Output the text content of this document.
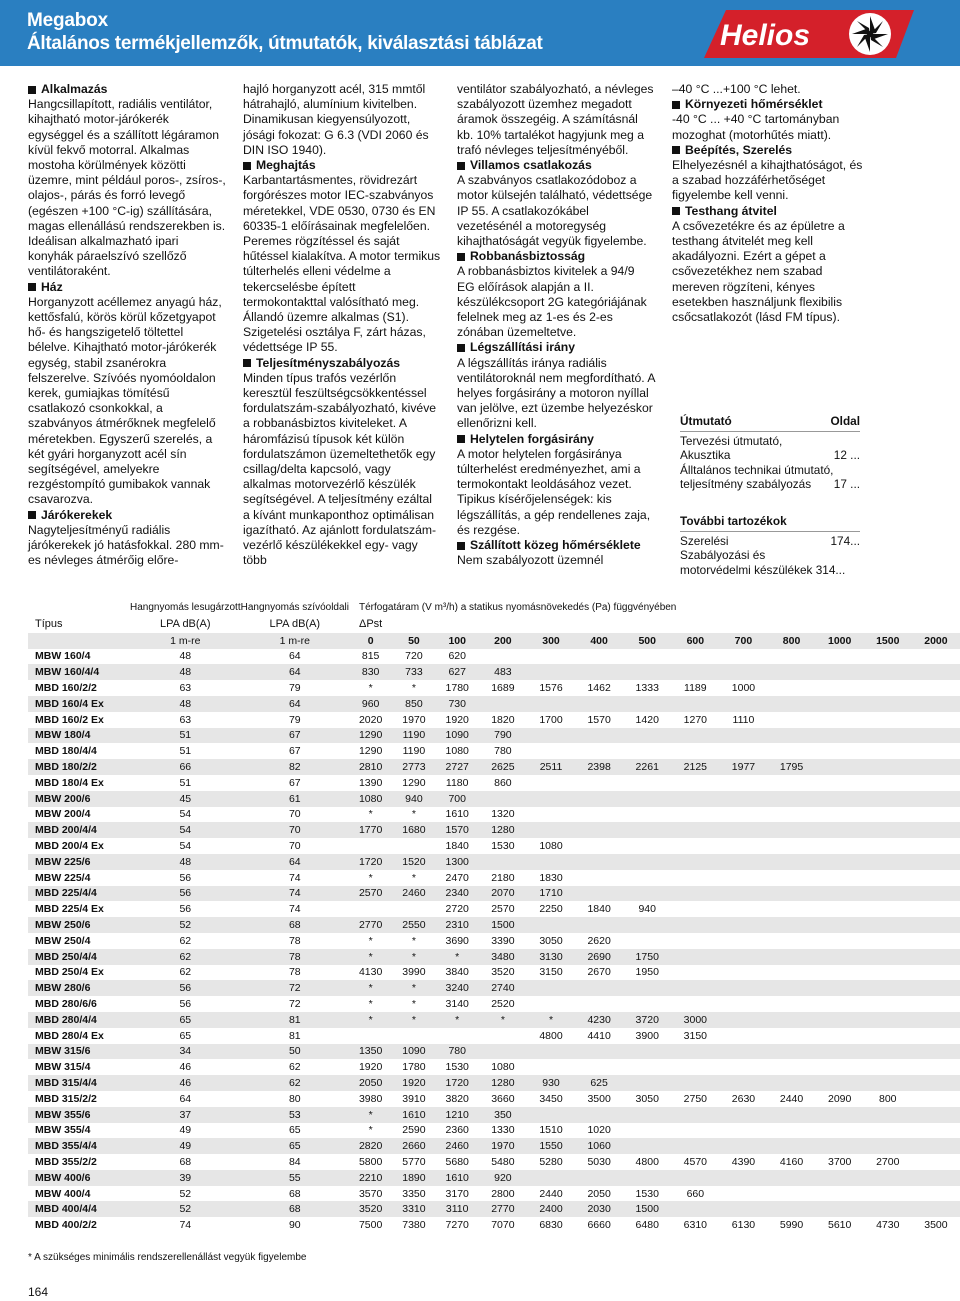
Megabox
Általános termékjellemzők, útmutatók, kiválasztási táblázat	Helios
Alkalmazás

Hangcsillapított, radiális ventilátor, kihajtható motor-járókerék egységgel és a szállított légáramon kívül fekvő motorral. Alkalmas mostoha körülmények közötti üzemre, mint például poros-, zsíros-, olajos-, párás és forró levegő (egészen +100 °C-ig) szállítására, magas ellenállású rendszerekben is. Ideálisan alkalmazható ipari konyhák páraelszívó szellőző ventilátoraként.

Ház

Horganyzott acéllemez anyagú ház, kettősfalú, körös körül kőzetgyapot hő- és hangszigetelő töltettel bélelve. Kihajtható motor-járókerék egység, stabil zsanérokra felszerelve. Szívóés nyomóoldalon kerek, gumiajkas tömítésű csatlakozó csonkokkal, a szabványos átmérőknek megfelelő méretekben. Egyszerű szerelés, a két gyári horganyzott acél sín segítségével, amelyekre rezgéstompító gumibakok vannak csavarozva.

Járókerekek

Nagyteljesítményű radiális járókerekek jó hatásfokkal. 280 mm-es névleges átmérőig előre-

hajló horganyzott acél, 315 mmtől hátrahajló, alumínium kivitelben. Dinamikusan kiegyensúlyozott, jósági fokozat: G 6.3 (VDI 2060 és DIN ISO 1940).

Meghajtás

Karbantartásmentes, rövidrezárt forgórészes motor IEC-szabványos méretekkel, VDE 0530, 0730 és EN 60335-1 előírásainak megfelelően. Peremes rögzítéssel és saját hűtéssel kialakítva. A motor termikus túlterhelés elleni védelme a tekercselésbe épített termokontakttal valósítható meg. Állandó üzemre alkalmas (S1). Szigetelési osztálya F, zárt házas, védettsége IP 55.

Teljesítményszabályozás

Minden típus trafós vezérlőn keresztül feszültségcsökkentéssel fordulatszám-szabályozható, kivéve a robbanásbiztos kiviteleket. A háromfázisú típusok két külön fordulatszámon üzemeltethetők egy csillag/delta kapcsoló, vagy alkalmas motorvezérlő készülék segítségével. A teljesítmény ezáltal a kívánt munkaponthoz optimálisan igazítható. Az ajánlott fordulatszám-vezérlő készülékekkel egy- vagy több

ventilátor szabályozható, a névleges szabályozott üzemhez megadott áramok összegéig. A számításnál kb. 10% tartalékot hagyjunk meg a trafó névleges teljesítményéből.

Villamos csatlakozás

A szabványos csatlakozódoboz a motor külsején található, védettsége IP 55. A csatlakozókábel vezetésénél a motoregység kihajthatóságát vegyük figyelembe.

Robbanásbiztosság

A robbanásbiztos kivitelek a 94/9 EG előírások alapján a II. készülékcsoport 2G kategóriájának felelnek meg az 1-es és 2-es zónában üzemeltetve.

Légszállítási irány

A légszállítás iránya radiális ventilátoroknál nem megfordítható. A helyes forgásirány a motoron nyíllal van jelölve, ezt üzembe helyezéskor ellenőrizni kell.

Helytelen forgásirány

A motor helytelen forgásiránya túlterhelést eredményezhet, ami a termokontakt leoldásához vezet. Tipikus kísérőjelenségek: kis légszállítás, a gép rendellenes zaja, és rezgése.

Szállított közeg hőmérséklete

Nem szabályozott üzemnél

–40 °C ...+100 °C lehet.

Környezeti hőmérséklet

-40 °C ... +40 °C tartományban mozoghat (motorhűtés miatt).

Beépítés, Szerelés

Elhelyezésnél a kihajthatóságot, és a szabad hozzáférhetőséget figyelembe kell venni.

Testhang átvitel

A csővezetékre és az épületre a testhang átvitelét meg kell akadályozni. Ezért a gépet a csővezetékhez nem szabad mereven rögzíteni, kényes esetekben használjunk flexibilis csőcsatlakozót (lásd FM típus).

Útmutató	Oldal
Tervezési útmutató,
Akusztika	12 ...
Álltalános technikai útmutató,
teljesítmény szabályozás 17 ...
További tartozékok
Szerelési	174...
Szabályozási és
motorvédelmi készülékek 314...
	Hangnyomás lesugárzott	Hangnyomás szívóoldali	Térfogatáram (V m³/h) a statikus nyomásnövekedés (Pa) függvényében												
Típus	LPA dB(A)	LPA dB(A)	ΔPst												
	1 m-re	1 m-re	0	50	100	200	300	400	500	600	700	800	1000	1500	2000
MBW 160/4	48	64	815	720	620										
MBW 160/4/4	48	64	830	733	627	483									
MBD 160/2/2	63	79	*	*	1780	1689	1576	1462	1333	1189	1000				
MBD 160/4 Ex	48	64	960	850	730										
MBD 160/2 Ex	63	79	2020	1970	1920	1820	1700	1570	1420	1270	1110				
MBW 180/4	51	67	1290	1190	1090	790									
MBD 180/4/4	51	67	1290	1190	1080	780									
MBD 180/2/2	66	82	2810	2773	2727	2625	2511	2398	2261	2125	1977	1795			
MBD 180/4 Ex	51	67	1390	1290	1180	860									
MBW 200/6	45	61	1080	940	700										
MBW 200/4	54	70	*	*	1610	1320									
MBD 200/4/4	54	70	1770	1680	1570	1280									
MBD 200/4 Ex	54	70			1840	1530	1080								
MBW 225/6	48	64	1720	1520	1300										
MBW 225/4	56	74	*	*	2470	2180	1830								
MBD 225/4/4	56	74	2570	2460	2340	2070	1710								
MBD 225/4 Ex	56	74			2720	2570	2250	1840	940						
MBW 250/6	52	68	2770	2550	2310	1500									
MBW 250/4	62	78	*	*	3690	3390	3050	2620							
MBD 250/4/4	62	78	*	*	*	3480	3130	2690	1750						
MBD 250/4 Ex	62	78	4130	3990	3840	3520	3150	2670	1950						
MBW 280/6	56	72	*	*	3240	2740									
MBD 280/6/6	56	72	*	*	3140	2520									
MBD 280/4/4	65	81	*	*	*	*	*	4230	3720	3000					
MBD 280/4 Ex	65	81					4800	4410	3900	3150					
MBW 315/6	34	50	1350	1090	780										
MBW 315/4	46	62	1920	1780	1530	1080									
MBD 315/4/4	46	62	2050	1920	1720	1280	930	625							
MBD 315/2/2	64	80	3980	3910	3820	3660	3450	3500	3050	2750	2630	2440	2090	800	
MBW 355/6	37	53	*	1610	1210	350									
MBW 355/4	49	65	*	2590	2360	1330	1510	1020							
MBD 355/4/4	49	65	2820	2660	2460	1970	1550	1060							
MBD 355/2/2	68	84	5800	5770	5680	5480	5280	5030	4800	4570	4390	4160	3700	2700	
MBW 400/6	39	55	2210	1890	1610	920									
MBW 400/4	52	68	3570	3350	3170	2800	2440	2050	1530	660					
MBD 400/4/4	52	68	3520	3310	3110	2770	2400	2030	1500						
MBD 400/2/2	74	90	7500	7380	7270	7070	6830	6660	6480	6310	6130	5990	5610	4730	3500
* A szükséges minimális rendszerellenállást vegyük figyelembe
164
